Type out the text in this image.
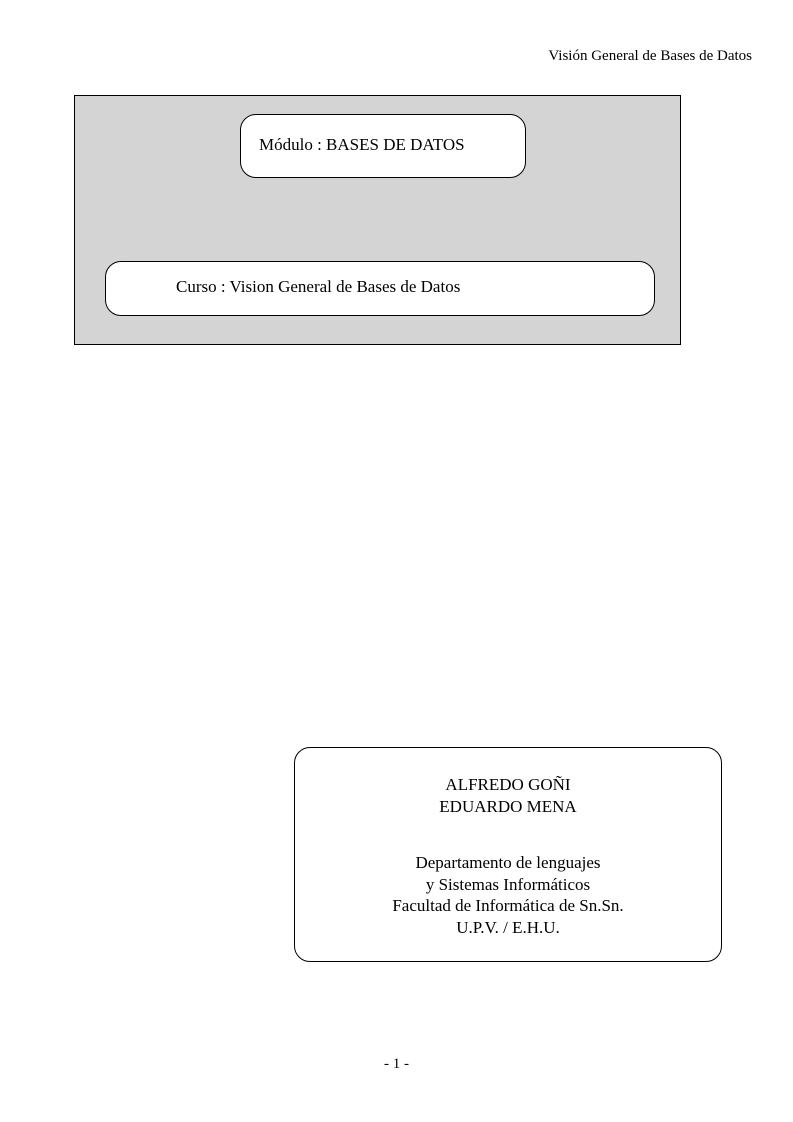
Visión General de Bases de Datos
Módulo : BASES DE DATOS
Curso : Vision General de Bases de Datos
ALFREDO GOÑI
EDUARDO MENA
Departamento de lenguajes
y Sistemas Informáticos
Facultad de Informática de Sn.Sn.
U.P.V. / E.H.U.
- 1 -
